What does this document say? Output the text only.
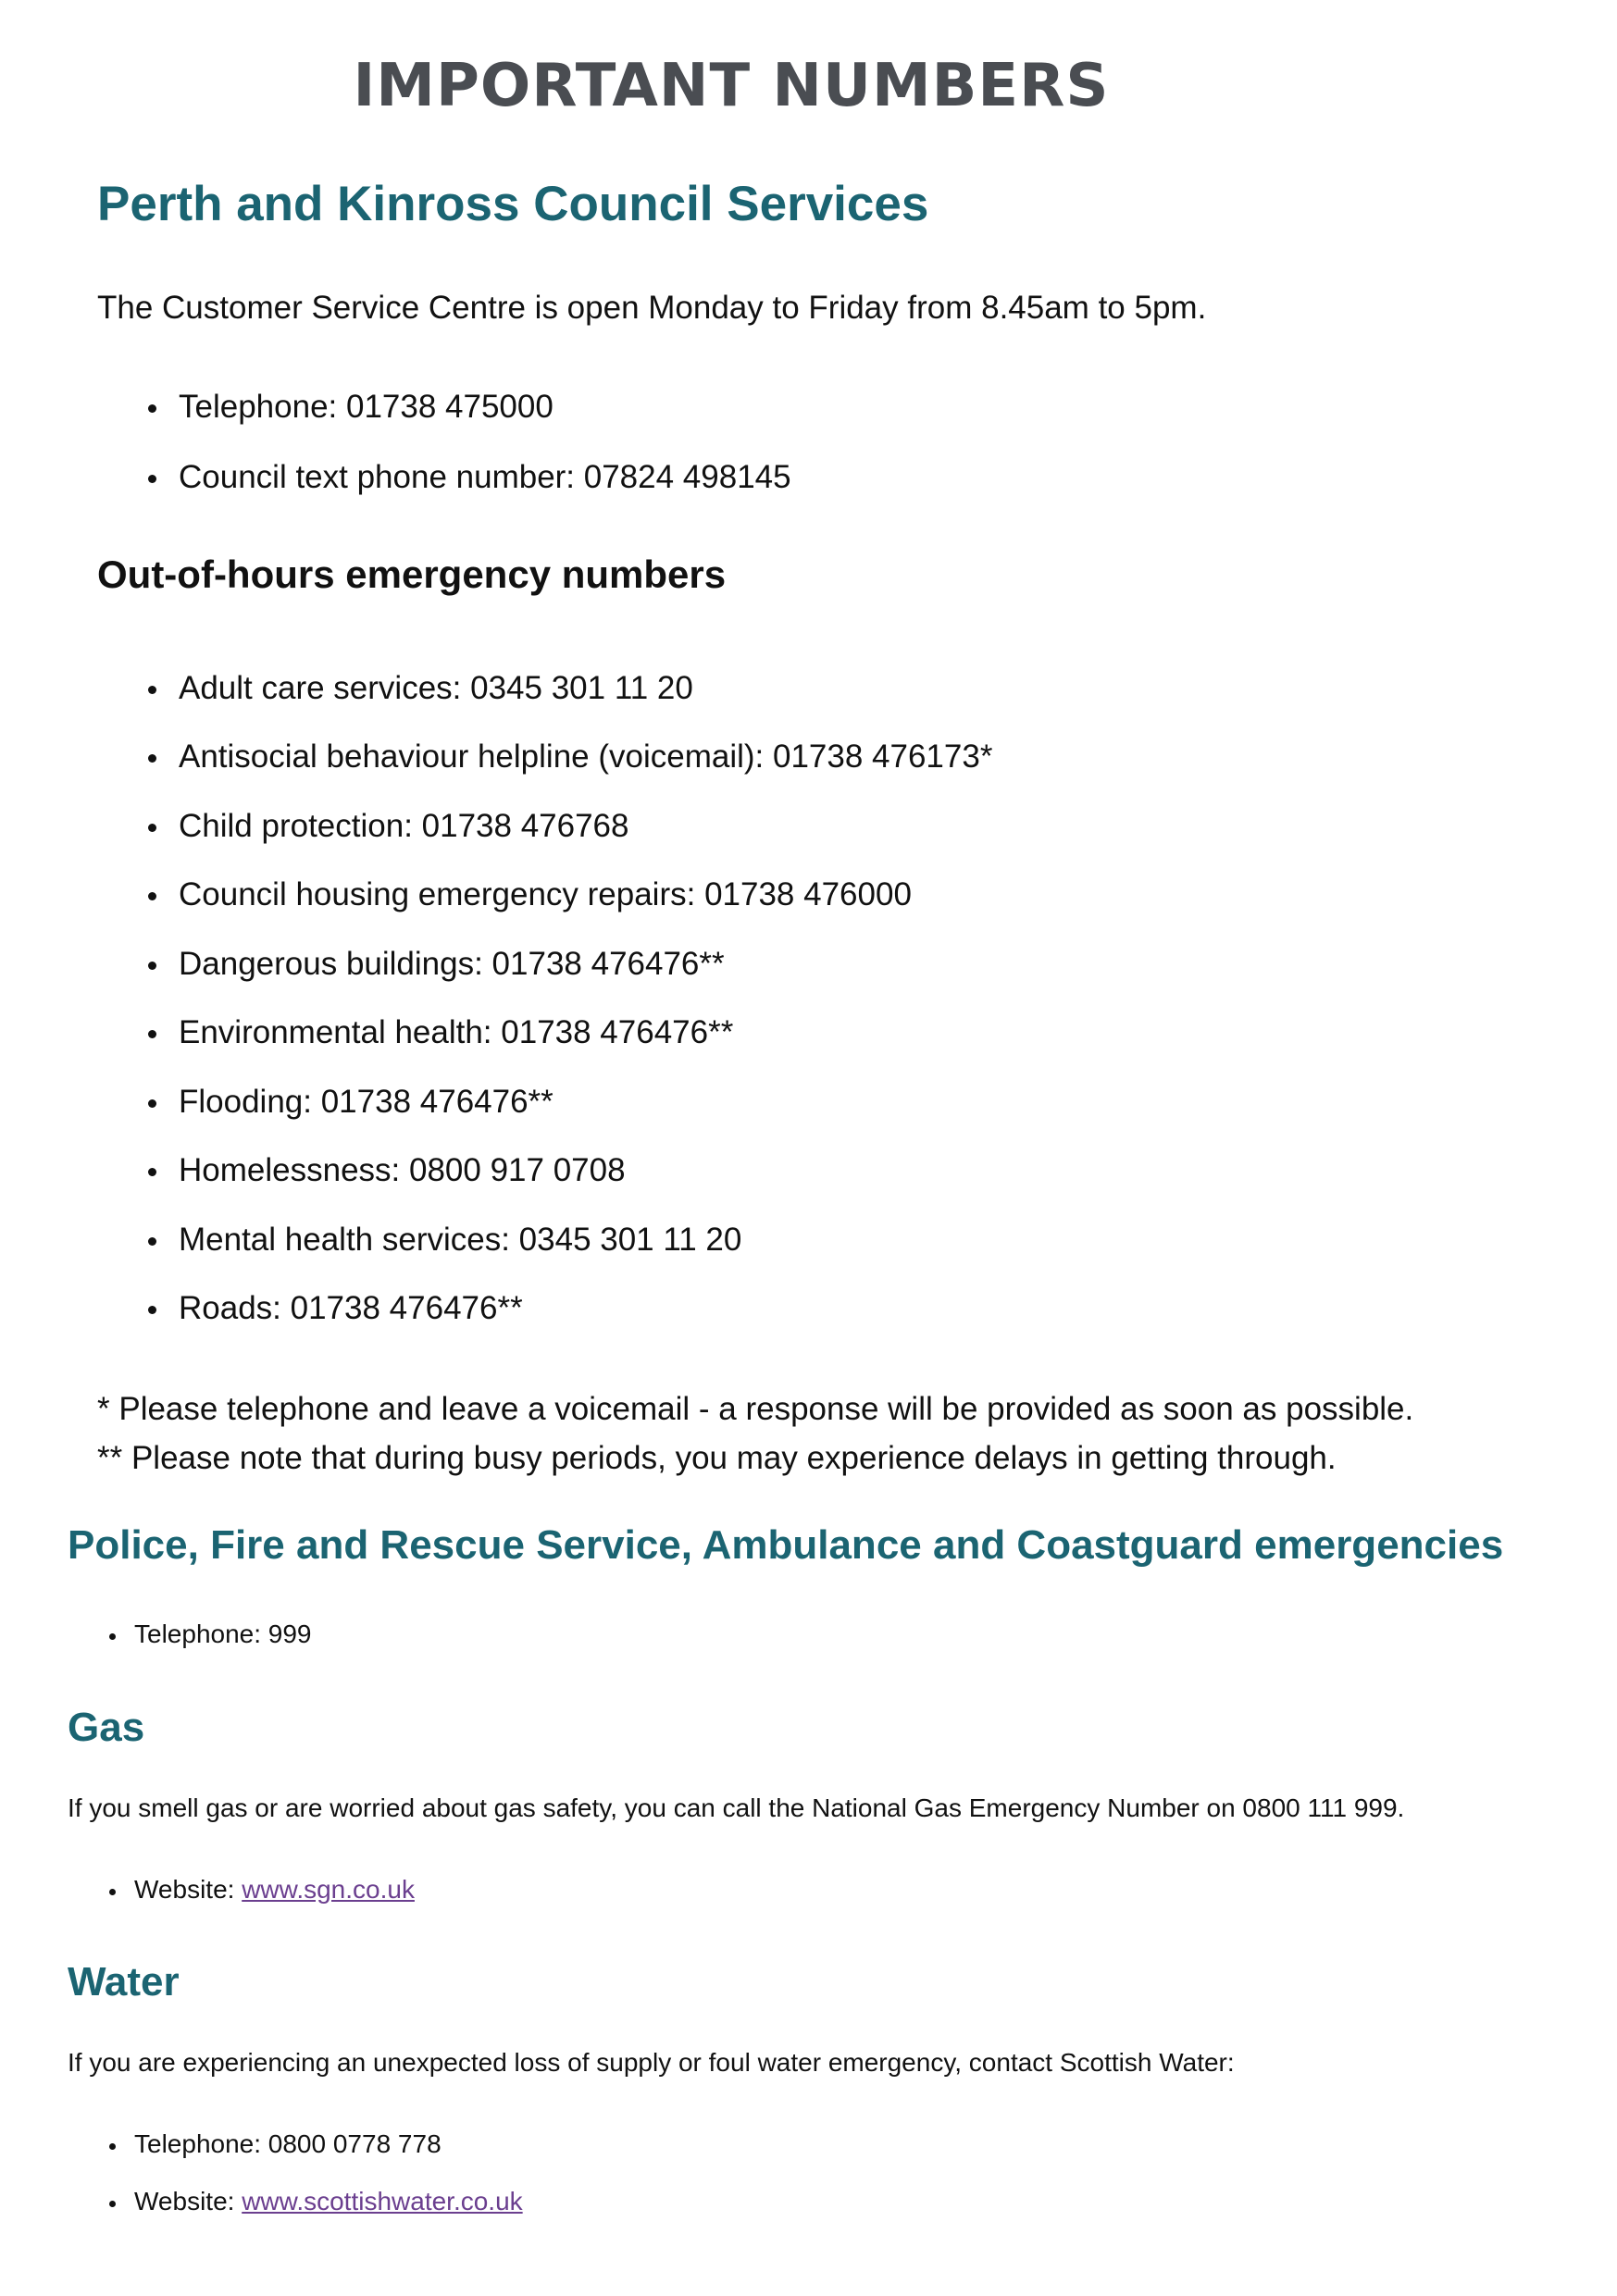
IMPORTANT NUMBERS
Perth and Kinross Council Services

The Customer Service Centre is open Monday to Friday from 8.45am to 5pm.

Telephone: 01738 475000
Council text phone number: 07824 498145
Out-of-hours emergency numbers
Adult care services: 0345 301 11 20
Antisocial behaviour helpline (voicemail): 01738 476173*
Child protection: 01738 476768
Council housing emergency repairs: 01738 476000
Dangerous buildings: 01738 476476**
Environmental health: 01738 476476**
Flooding: 01738 476476**
Homelessness: 0800 917 0708
Mental health services: 0345 301 11 20
Roads: 01738 476476**

* Please telephone and leave a voicemail - a response will be provided as soon as possible.

** Please note that during busy periods, you may experience delays in getting through.

Police, Fire and Rescue Service, Ambulance and Coastguard emergencies
Telephone: 999
Gas

If you smell gas or are worried about gas safety, you can call the National Gas Emergency Number on 0800 111 999.

Website: www.sgn.co.uk
Water

If you are experiencing an unexpected loss of supply or foul water emergency, contact Scottish Water:

Telephone: 0800 0778 778
Website: www.scottishwater.co.uk
